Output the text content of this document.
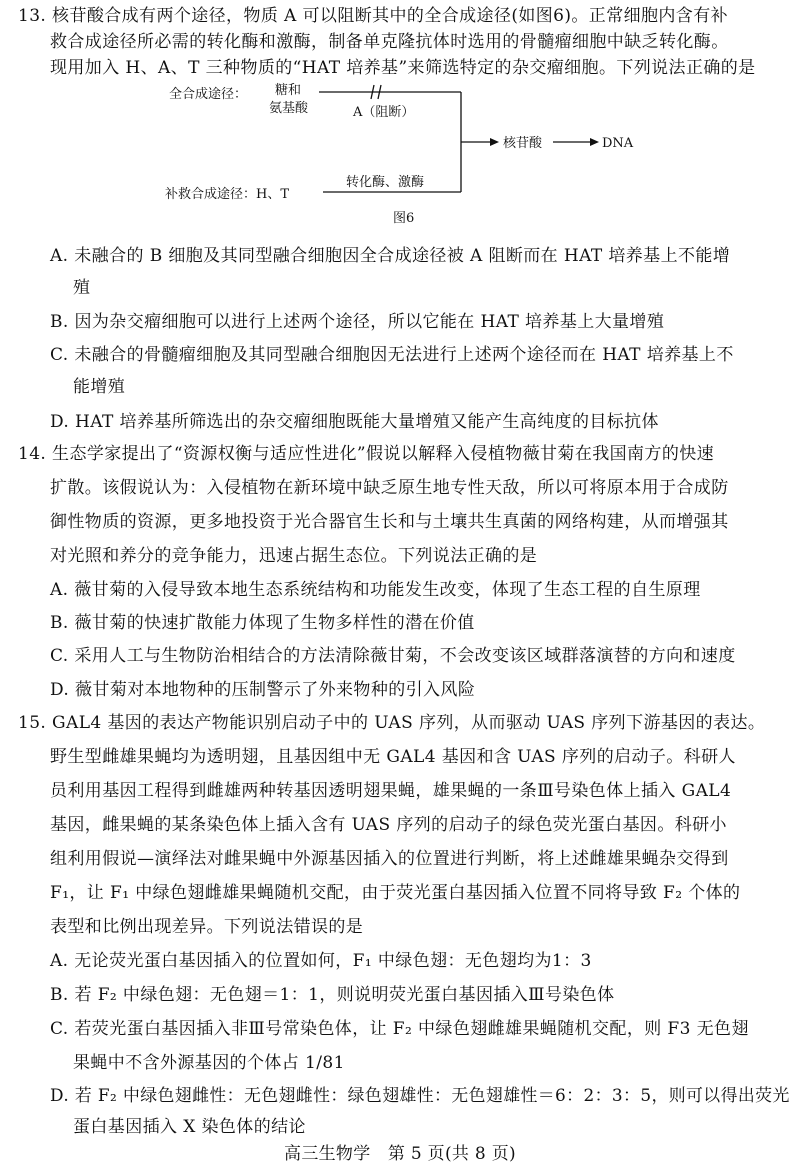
13. 核苷酸合成有两个途径，物质 A 可以阻断其中的全合成途径(如图6)。正常细胞内含有补
救合成途径所必需的转化酶和激酶，制备单克隆抗体时选用的骨髓瘤细胞中缺乏转化酶。
现用加入 H、A、T 三种物质的“HAT 培养基”来筛选特定的杂交瘤细胞。下列说法正确的是
全合成途径： 糖和
氨基酸	A（阻断）
补救合成途径：H、T
转化酶、激酶
核苷酸	DNA
图6
A. 未融合的 B 细胞及其同型融合细胞因全合成途径被 A 阻断而在 HAT 培养基上不能增
殖
B. 因为杂交瘤细胞可以进行上述两个途径，所以它能在 HAT 培养基上大量增殖
C. 未融合的骨髓瘤细胞及其同型融合细胞因无法进行上述两个途径而在 HAT 培养基上不
能增殖
D. HAT 培养基所筛选出的杂交瘤细胞既能大量增殖又能产生高纯度的目标抗体
14. 生态学家提出了“资源权衡与适应性进化”假说以解释入侵植物薇甘菊在我国南方的快速
扩散。该假说认为：入侵植物在新环境中缺乏原生地专性天敌，所以可将原本用于合成防
御性物质的资源，更多地投资于光合器官生长和与土壤共生真菌的网络构建，从而增强其
对光照和养分的竞争能力，迅速占据生态位。下列说法正确的是
A. 薇甘菊的入侵导致本地生态系统结构和功能发生改变，体现了生态工程的自生原理
B. 薇甘菊的快速扩散能力体现了生物多样性的潜在价值
C. 采用人工与生物防治相结合的方法清除薇甘菊，不会改变该区域群落演替的方向和速度
D. 薇甘菊对本地物种的压制警示了外来物种的引入风险
15. GAL4 基因的表达产物能识别启动子中的 UAS 序列，从而驱动 UAS 序列下游基因的表达。
野生型雌雄果蝇均为透明翅，且基因组中无 GAL4 基因和含 UAS 序列的启动子。科研人
员利用基因工程得到雌雄两种转基因透明翅果蝇，雄果蝇的一条Ⅲ号染色体上插入 GAL4
基因，雌果蝇的某条染色体上插入含有 UAS 序列的启动子的绿色荧光蛋白基因。科研小
组利用假说—演绎法对雌果蝇中外源基因插入的位置进行判断，将上述雌雄果蝇杂交得到
F₁，让 F₁ 中绿色翅雌雄果蝇随机交配，由于荧光蛋白基因插入位置不同将导致 F₂ 个体的
表型和比例出现差异。下列说法错误的是
A. 无论荧光蛋白基因插入的位置如何，F₁ 中绿色翅：无色翅均为1：3
B. 若 F₂ 中绿色翅：无色翅＝1：1，则说明荧光蛋白基因插入Ⅲ号染色体
C. 若荧光蛋白基因插入非Ⅲ号常染色体，让 F₂ 中绿色翅雌雄果蝇随机交配，则 F3 无色翅
果蝇中不含外源基因的个体占 1/81
D. 若 F₂ 中绿色翅雌性：无色翅雌性：绿色翅雄性：无色翅雄性＝6：2：3：5，则可以得出荧光
蛋白基因插入 X 染色体的结论
高三生物学　第 5 页(共 8 页)
